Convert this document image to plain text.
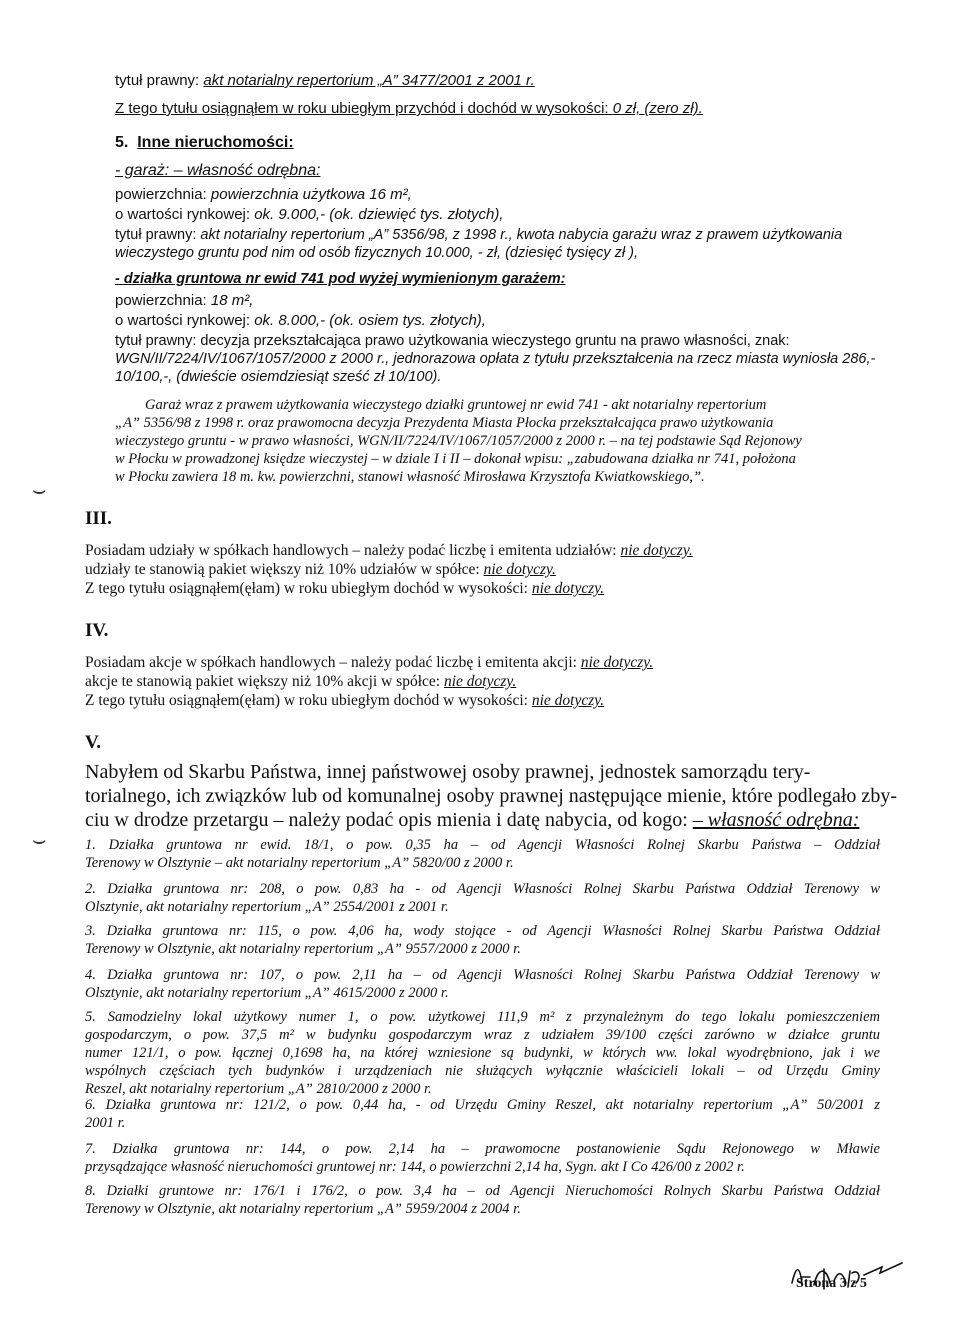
tytuł prawny: akt notarialny repertorium „A” 3477/2001 z 2001 r.
Z tego tytułu osiągnąłem w roku ubiegłym przychód i dochód w wysokości: 0 zł, (zero zł).
5. Inne nieruchomości:
- garaż: – własność odrębna:
powierzchnia: powierzchnia użytkowa 16 m²,
o wartości rynkowej: ok. 9.000,- (ok. dziewięć tys. złotych),
tytuł prawny: akt notarialny repertorium „A” 5356/98, z 1998 r., kwota nabycia garażu wraz z prawem użytkowania
wieczystego gruntu pod nim od osób fizycznych 10.000, - zł, (dziesięć tysięcy zł ),
- działka gruntowa nr ewid 741 pod wyżej wymienionym garażem:
powierzchnia: 18 m²,
o wartości rynkowej: ok. 8.000,- (ok. osiem tys. złotych),
tytuł prawny: decyzja przekształcająca prawo użytkowania wieczystego gruntu na prawo własności, znak:
WGN/II/7224/IV/1067/1057/2000 z 2000 r., jednorazowa opłata z tytułu przekształcenia na rzecz miasta wyniosła 286,-
10/100,-, (dwieście osiemdziesiąt sześć zł 10/100).
Garaż wraz z prawem użytkowania wieczystego działki gruntowej nr ewid 741 - akt notarialny repertorium
„A” 5356/98 z 1998 r. oraz prawomocna decyzja Prezydenta Miasta Płocka przekształcająca prawo użytkowania
wieczystego gruntu - w prawo własności, WGN/II/7224/IV/1067/1057/2000 z 2000 r. – na tej podstawie Sąd Rejonowy
w Płocku w prowadzonej księdze wieczystej – w dziale I i II – dokonał wpisu: „zabudowana działka nr 741, położona
w Płocku zawiera 18 m. kw. powierzchni, stanowi własność Mirosława Krzysztofa Kwiatkowskiego,”.
III.
Posiadam udziały w spółkach handlowych – należy podać liczbę i emitenta udziałów: nie dotyczy.
udziały te stanowią pakiet większy niż 10% udziałów w spółce: nie dotyczy.
Z tego tytułu osiągnąłem(ęłam) w roku ubiegłym dochód w wysokości: nie dotyczy.
IV.
Posiadam akcje w spółkach handlowych – należy podać liczbę i emitenta akcji: nie dotyczy.
akcje te stanowią pakiet większy niż 10% akcji w spółce: nie dotyczy.
Z tego tytułu osiągnąłem(ęłam) w roku ubiegłym dochód w wysokości: nie dotyczy.
V.
Nabyłem od Skarbu Państwa, innej państwowej osoby prawnej, jednostek samorządu tery-
torialnego, ich związków lub od komunalnej osoby prawnej następujące mienie, które podlegało zby-
ciu w drodze przetargu – należy podać opis mienia i datę nabycia, od kogo: – własność odrębna:
1. Działka gruntowa nr ewid. 18/1, o pow. 0,35 ha – od Agencji Własności Rolnej Skarbu Państwa – Oddział
Terenowy w Olsztynie – akt notarialny repertorium „A” 5820/00 z 2000 r.
2. Działka gruntowa nr: 208, o pow. 0,83 ha - od Agencji Własności Rolnej Skarbu Państwa Oddział Terenowy w
Olsztynie, akt notarialny repertorium „A” 2554/2001 z 2001 r.
3. Działka gruntowa nr: 115, o pow. 4,06 ha, wody stojące - od Agencji Własności Rolnej Skarbu Państwa Oddział
Terenowy w Olsztynie, akt notarialny repertorium „A” 9557/2000 z 2000 r.
4. Działka gruntowa nr: 107, o pow. 2,11 ha – od Agencji Własności Rolnej Skarbu Państwa Oddział Terenowy w
Olsztynie, akt notarialny repertorium „A” 4615/2000 z 2000 r.
5. Samodzielny lokal użytkowy numer 1, o pow. użytkowej 111,9 m² z przynależnym do tego lokalu pomieszczeniem
gospodarczym, o pow. 37,5 m² w budynku gospodarczym wraz z udziałem 39/100 części zarówno w działce gruntu
numer 121/1, o pow. łącznej 0,1698 ha, na której wzniesione są budynki, w których ww. lokal wyodrębniono, jak i we
wspólnych częściach tych budynków i urządzeniach nie służących wyłącznie właścicieli lokali – od Urzędu Gminy
Reszel, akt notarialny repertorium „A” 2810/2000 z 2000 r.
6. Działka gruntowa nr: 121/2, o pow. 0,44 ha, - od Urzędu Gminy Reszel, akt notarialny repertorium „A” 50/2001 z
2001 r.
7. Działka gruntowa nr: 144, o pow. 2,14 ha – prawomocne postanowienie Sądu Rejonowego w Mławie
przysądzające własność nieruchomości gruntowej nr: 144, o powierzchni 2,14 ha, Sygn. akt I Co 426/00 z 2002 r.
8. Działki gruntowe nr: 176/1 i 176/2, o pow. 3,4 ha – od Agencji Nieruchomości Rolnych Skarbu Państwa Oddział
Terenowy w Olsztynie, akt notarialny repertorium „A” 5959/2004 z 2004 r.
⌣
⌣
Strona 3 z 5
